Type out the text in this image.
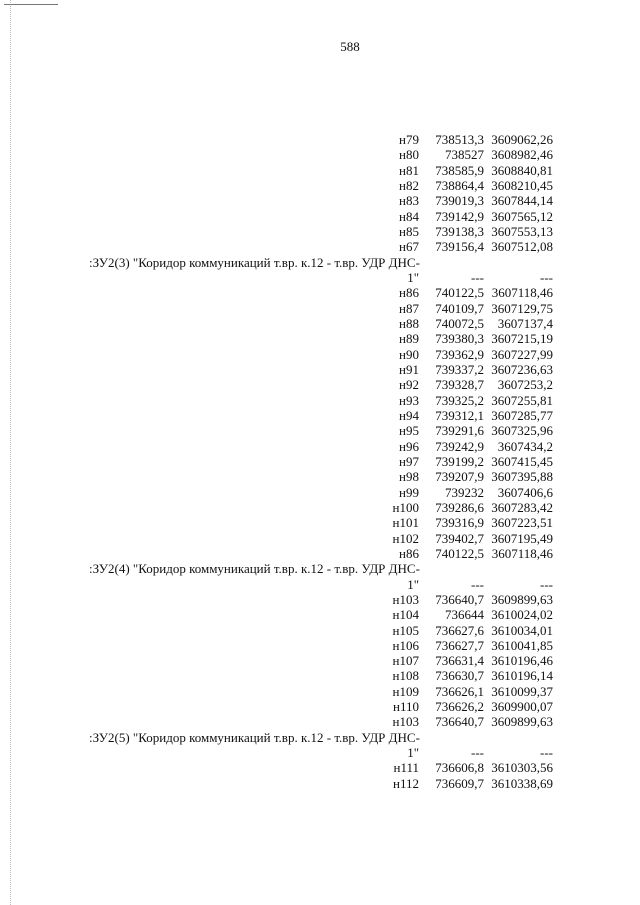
588
н79 738513,3 3609062,26
н80 738527 3608982,46
н81 738585,9 3608840,81
н82 738864,4 3608210,45
н83 739019,3 3607844,14
н84 739142,9 3607565,12
н85 739138,3 3607553,13
н67 739156,4 3607512,08
:ЗУ2(3) "Коридор коммуникаций т.вр. к.12 - т.вр. УДР ДНС-
1"	---	---
н86 740122,5 3607118,46
н87 740109,7 3607129,75
н88 740072,5 3607137,4
н89 739380,3 3607215,19
н90 739362,9 3607227,99
н91 739337,2 3607236,63
н92 739328,7 3607253,2
н93 739325,2 3607255,81
н94 739312,1 3607285,77
н95 739291,6 3607325,96
н96 739242,9 3607434,2
н97 739199,2 3607415,45
н98 739207,9 3607395,88
н99 739232 3607406,6
н100 739286,6 3607283,42
н101 739316,9 3607223,51
н102 739402,7 3607195,49
н86 740122,5 3607118,46
:ЗУ2(4) "Коридор коммуникаций т.вр. к.12 - т.вр. УДР ДНС-
1"	---	---
н103 736640,7 3609899,63
н104 736644 3610024,02
н105 736627,6 3610034,01
н106 736627,7 3610041,85
н107 736631,4 3610196,46
н108 736630,7 3610196,14
н109 736626,1 3610099,37
н110 736626,2 3609900,07
н103 736640,7 3609899,63
:ЗУ2(5) "Коридор коммуникаций т.вр. к.12 - т.вр. УДР ДНС-
1"	---	---
н111 736606,8 3610303,56
н112 736609,7 3610338,69
